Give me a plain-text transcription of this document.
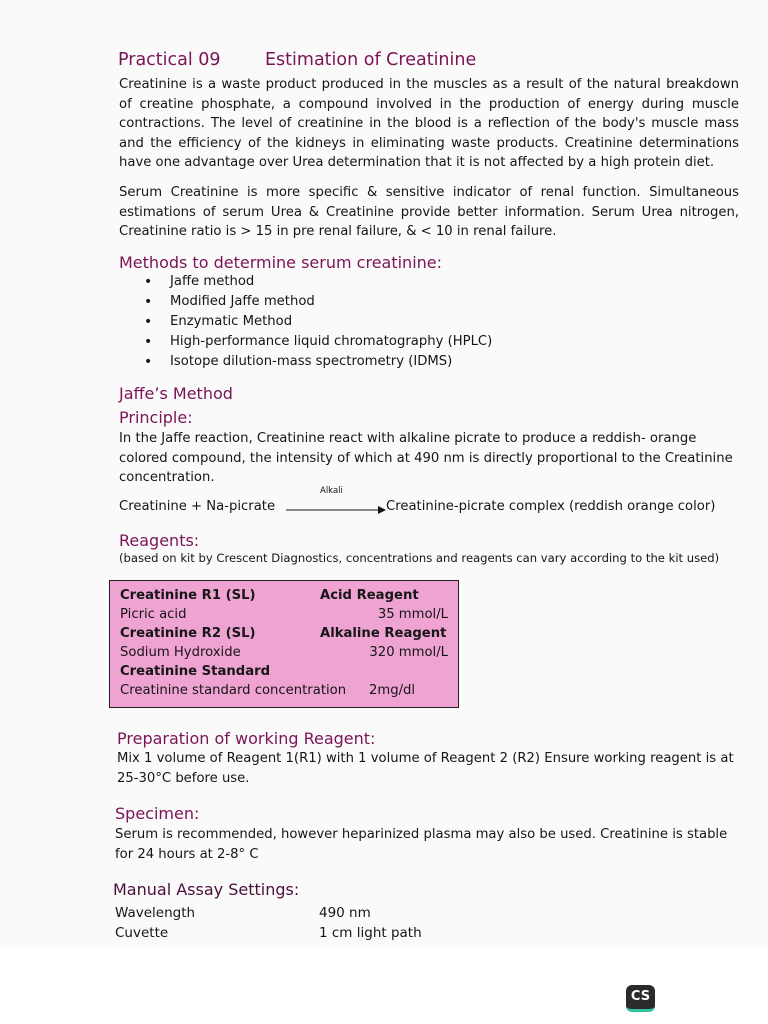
Practical 09	Estimation of Creatinine
Creatinine is a waste product produced in the muscles as a result of the natural breakdown of creatine phosphate, a compound involved in the production of energy during muscle contractions. The level of creatinine in the blood is a reflection of the body's muscle mass and the efficiency of the kidneys in eliminating waste products. Creatinine determinations have one advantage over Urea determination that it is not affected by a high protein diet.
Serum Creatinine is more specific & sensitive indicator of renal function. Simultaneous estimations of serum Urea & Creatinine provide better information. Serum Urea nitrogen, Creatinine ratio is > 15 in pre renal failure, & < 10 in renal failure.
Methods to determine serum creatinine:
• Jaffe method
• Modified Jaffe method
• Enzymatic Method
• High-performance liquid chromatography (HPLC)
• Isotope dilution-mass spectrometry (IDMS)
Jaffe’s Method
Principle:
In the Jaffe reaction, Creatinine react with alkaline picrate to produce a reddish- orange colored compound, the intensity of which at 490 nm is directly proportional to the Creatinine concentration.
Alkali
Creatinine + Na-picrate	Creatinine-picrate complex (reddish orange color)
Reagents:
(based on kit by Crescent Diagnostics, concentrations and reagents can vary according to the kit used)
Creatinine R1 (SL)	Acid Reagent
Picric acid	35 mmol/L
Creatinine R2 (SL)	Alkaline Reagent
Sodium Hydroxide	320 mmol/L
Creatinine Standard
Creatinine standard concentration 2mg/dl
Preparation of working Reagent:
Mix 1 volume of Reagent 1(R1) with 1 volume of Reagent 2 (R2) Ensure working reagent is at 25-30°C before use.
Specimen:
Serum is recommended, however heparinized plasma may also be used. Creatinine is stable for 24 hours at 2-8° C
Manual Assay Settings:
Wavelength	490 nm
Cuvette	1 cm light path
CS
